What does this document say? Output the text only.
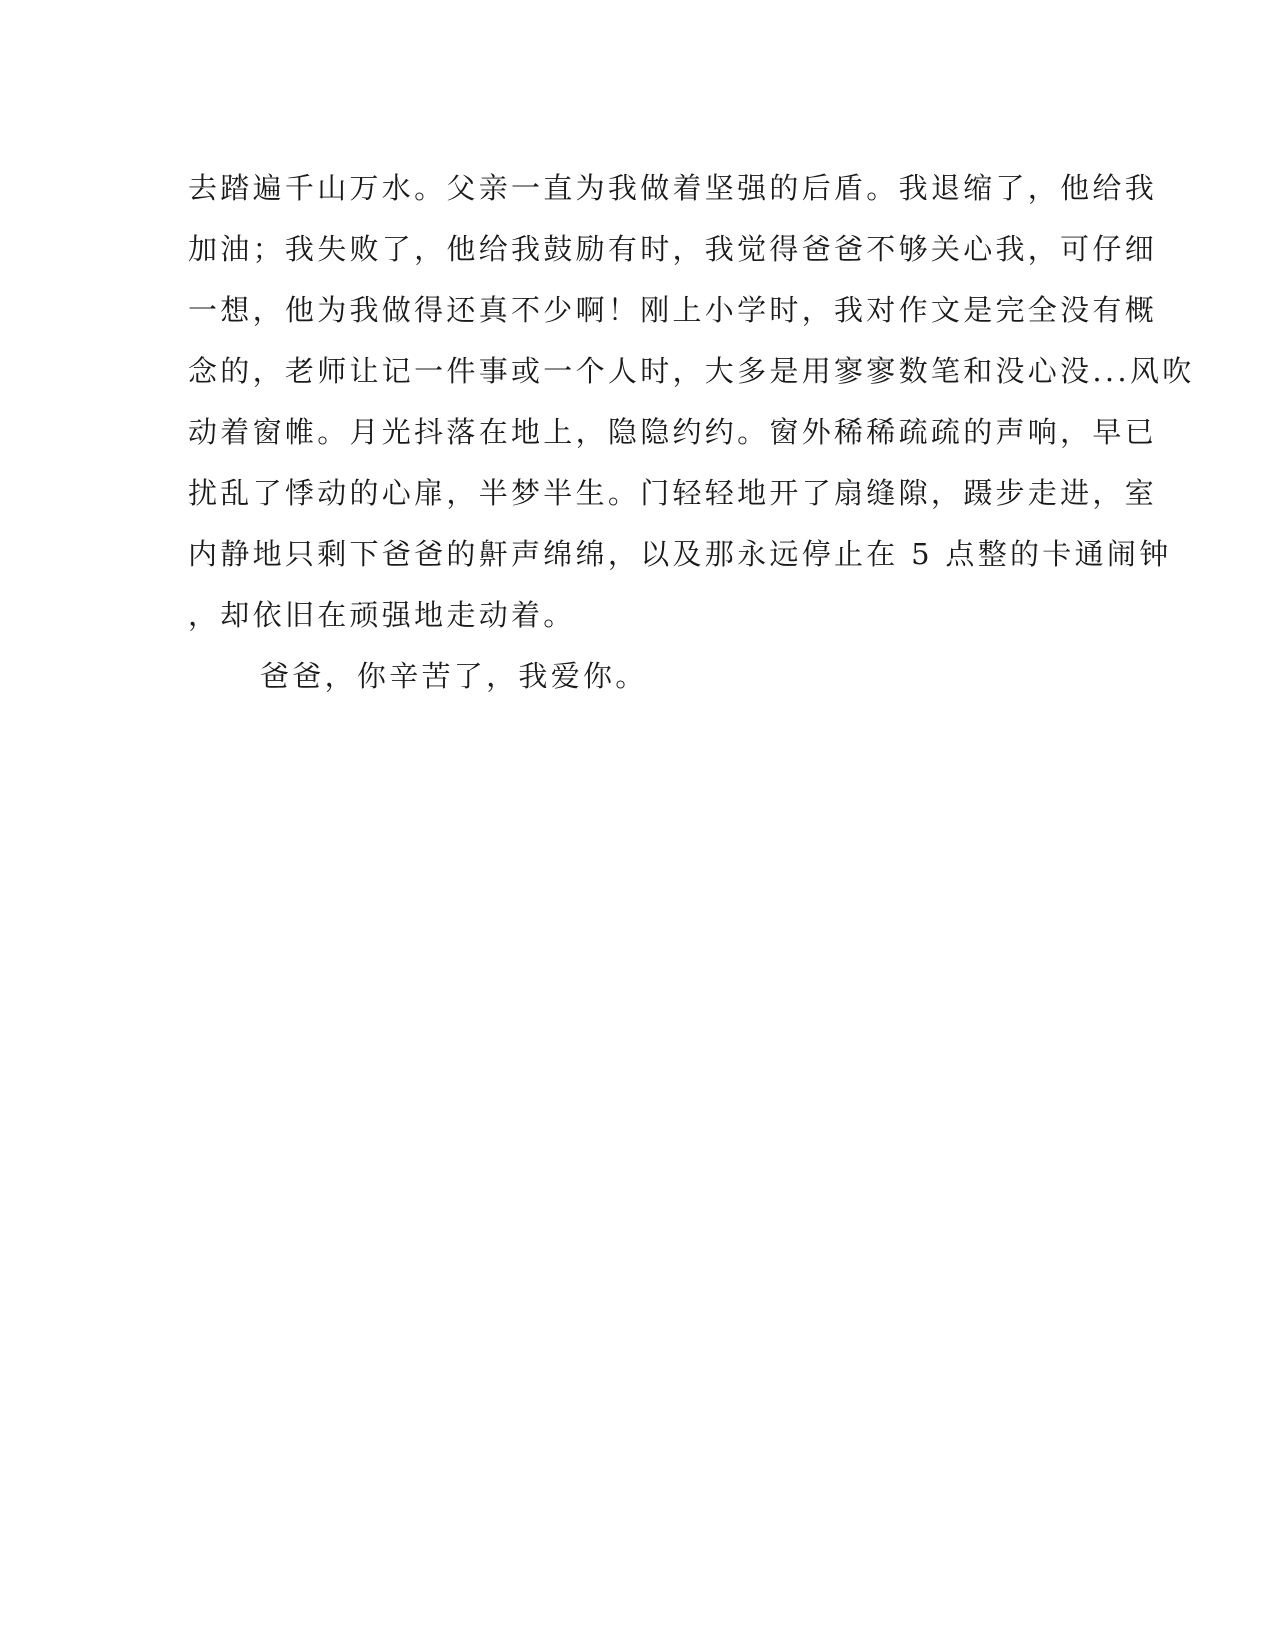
去踏遍千山万水。父亲一直为我做着坚强的后盾。我退缩了，他给我
加油；我失败了，他给我鼓励有时，我觉得爸爸不够关心我，可仔细
一想，他为我做得还真不少啊！刚上小学时，我对作文是完全没有概
念的，老师让记一件事或一个人时，大多是用寥寥数笔和没心没...风吹
动着窗帷。月光抖落在地上，隐隐约约。窗外稀稀疏疏的声响，早已
扰乱了悸动的心扉，半梦半生。门轻轻地开了扇缝隙，蹑步走进，室
内静地只剩下爸爸的鼾声绵绵，以及那永远停止在 5 点整的卡通闹钟
，却依旧在顽强地走动着。
爸爸，你辛苦了，我爱你。
